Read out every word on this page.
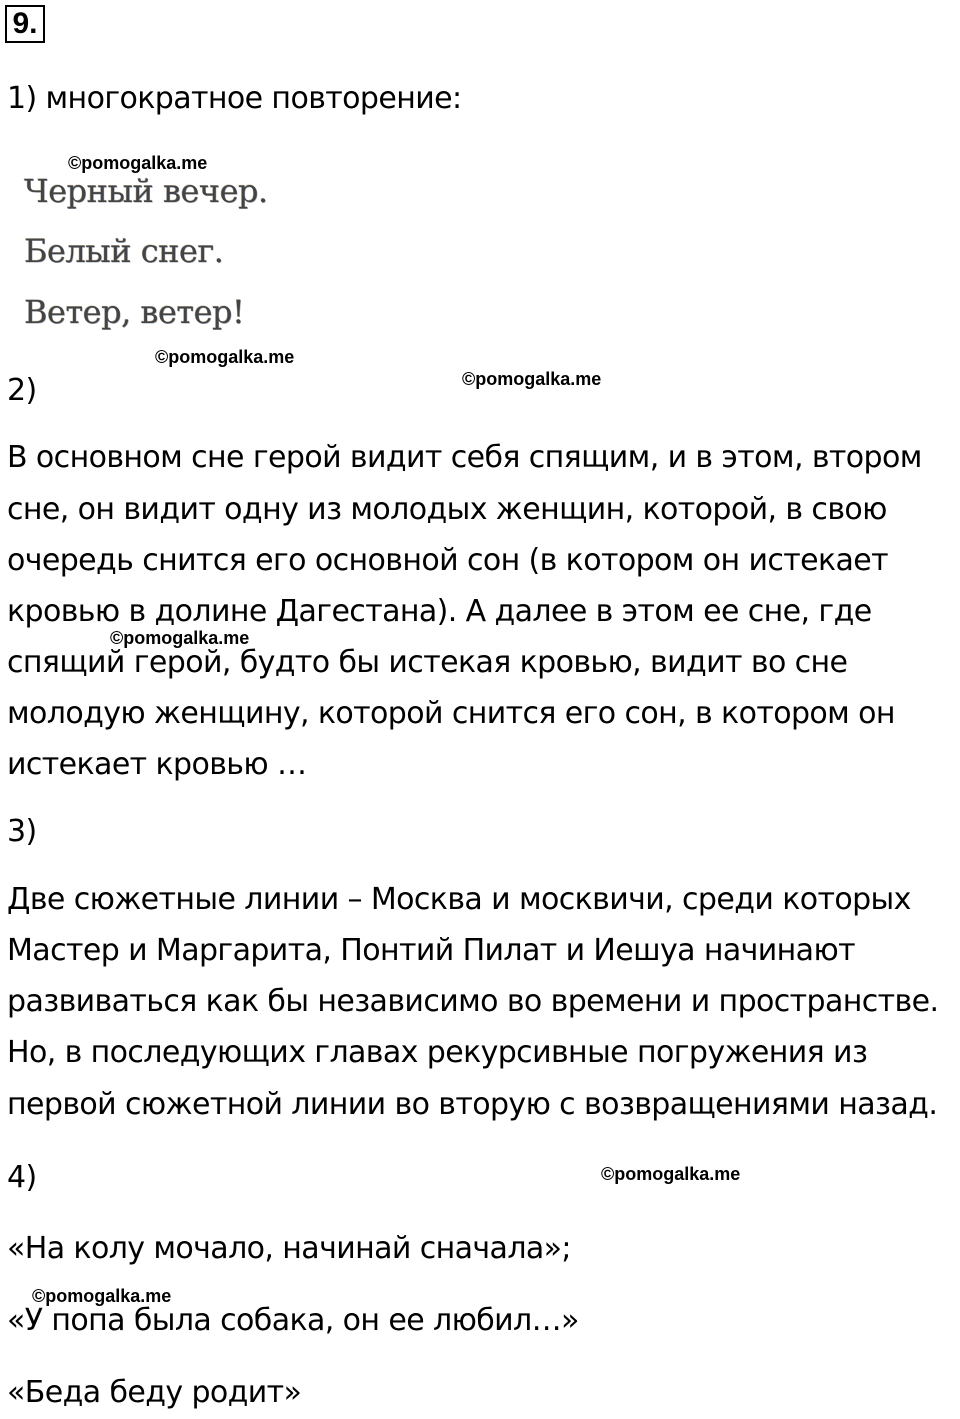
9.
1) многократное повторение:
Черный вечер.
Белый снег.
Ветер, ветер!
2)
В основном сне герой видит себя спящим, и в этом, втором
сне, он видит одну из молодых женщин, которой, в свою
очередь снится его основной сон (в котором он истекает
кровью в долине Дагестана). А далее в этом ее сне, где
спящий герой, будто бы истекая кровью, видит во сне
молодую женщину, которой снится его сон, в котором он
истекает кровью …
3)
Две сюжетные линии – Москва и москвичи, среди которых
Мастер и Маргарита, Понтий Пилат и Иешуа начинают
развиваться как бы независимо во времени и пространстве.
Но, в последующих главах рекурсивные погружения из
первой сюжетной линии во вторую с возвращениями назад.
4)
«На колу мочало, начинай сначала»;
«У попа была собака, он ее любил…»
«Беда беду родит»
©pomogalka.me
©pomogalka.me
©pomogalka.me
©pomogalka.me
©pomogalka.me
©pomogalka.me
